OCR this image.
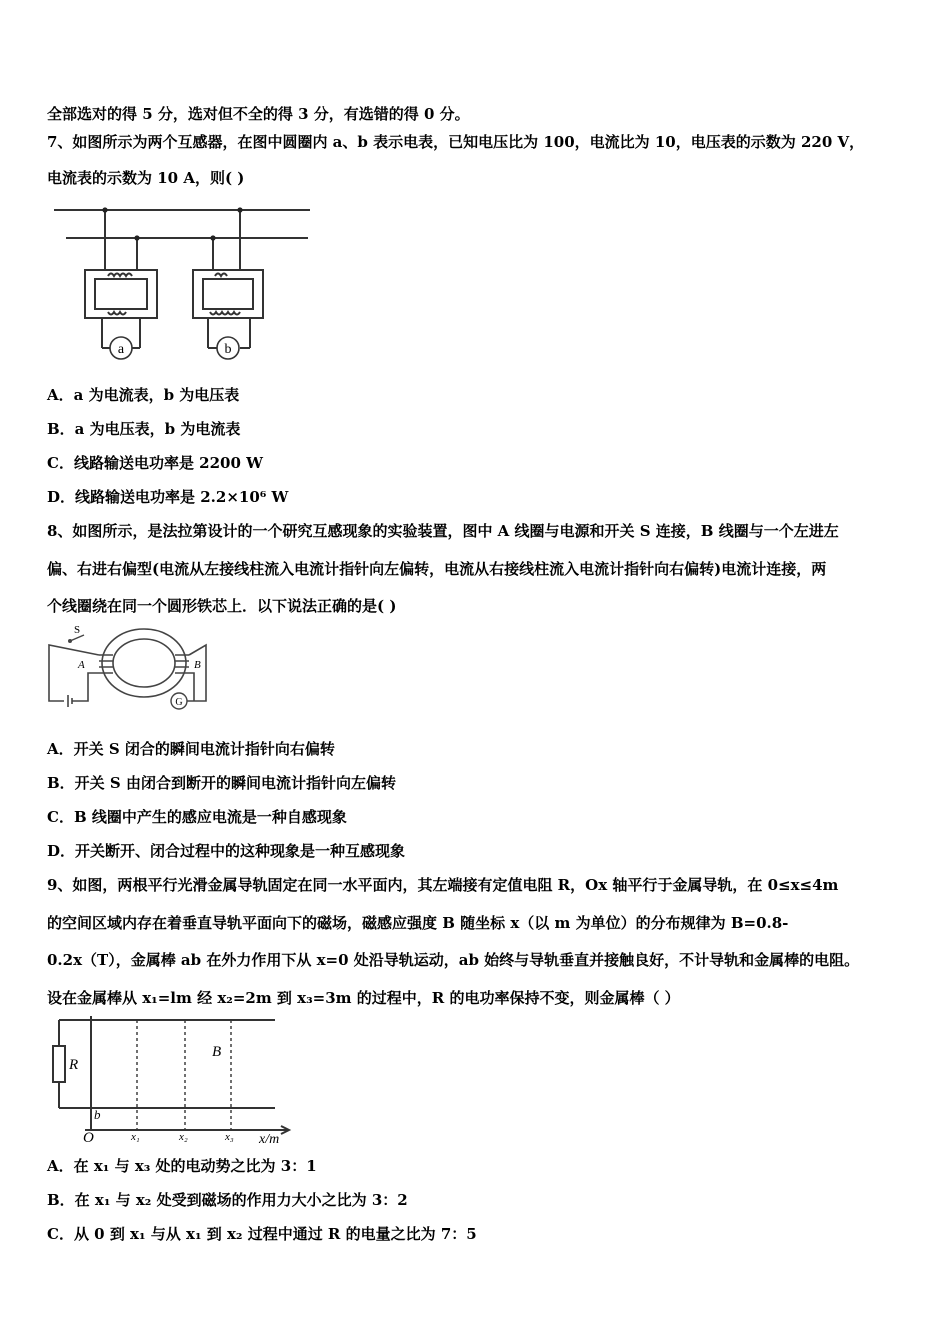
全部选对的得 5 分，选对但不全的得 3 分，有选错的得 0 分。
7、如图所示为两个互感器，在图中圆圈内 a、b 表示电表，已知电压比为 100，电流比为 10，电压表的示数为 220 V，
电流表的示数为 10 A，则( )
a	b
A．a 为电流表，b 为电压表
B．a 为电压表，b 为电流表
C．线路输送电功率是 2200 W
D．线路输送电功率是 2.2×10⁶ W
8、如图所示，是法拉第设计的一个研究互感现象的实验装置，图中 A 线圈与电源和开关 S 连接，B 线圈与一个左进左
偏、右进右偏型(电流从左接线柱流入电流计指针向左偏转，电流从右接线柱流入电流计指针向右偏转)电流计连接，两
个线圈绕在同一个圆形铁芯上．以下说法正确的是( )
S
A	B
G
A．开关 S 闭合的瞬间电流计指针向右偏转
B．开关 S 由闭合到断开的瞬间电流计指针向左偏转
C．B 线圈中产生的感应电流是一种自感现象
D．开关断开、闭合过程中的这种现象是一种互感现象
9、如图，两根平行光滑金属导轨固定在同一水平面内，其左端接有定值电阻 R，Ox 轴平行于金属导轨，在 0≤x≤4m
的空间区域内存在着垂直导轨平面向下的磁场，磁感应强度 B 随坐标 x（以 m 为单位）的分布规律为 B=0.8-
0.2x（T），金属棒 ab 在外力作用下从 x=0 处沿导轨运动，ab 始终与导轨垂直并接触良好，不计导轨和金属棒的电阻。
设在金属棒从 x₁=lm 经 x₂=2m 到 x₃=3m 的过程中，R 的电功率保持不变，则金属棒（ ）
R
B
b
O	x₁	x₂	x₃ x/m
A．在 x₁ 与 x₃ 处的电动势之比为 3：1
B．在 x₁ 与 x₂ 处受到磁场的作用力大小之比为 3：2
C．从 0 到 x₁ 与从 x₁ 到 x₂ 过程中通过 R 的电量之比为 7：5
